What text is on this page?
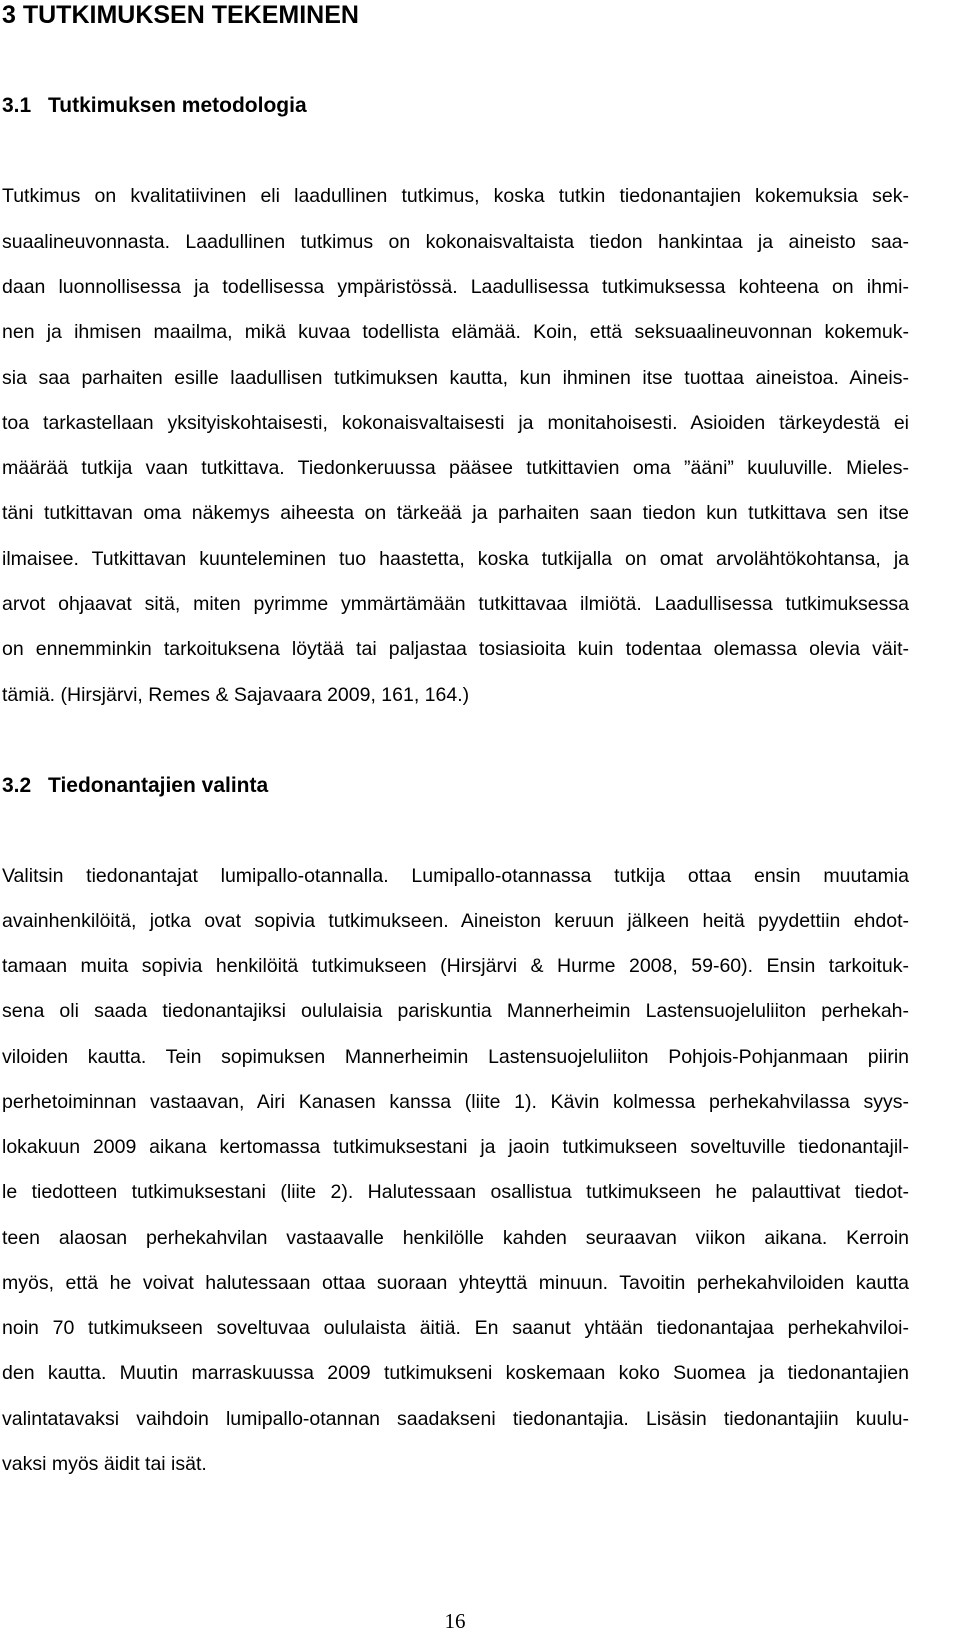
3 TUTKIMUKSEN TEKEMINEN
3.1 Tutkimuksen metodologia
Tutkimus on kvalitatiivinen eli laadullinen tutkimus, koska tutkin tiedonantajien kokemuksia sek-
suaalineuvonnasta. Laadullinen tutkimus on kokonaisvaltaista tiedon hankintaa ja aineisto saa-
daan luonnollisessa ja todellisessa ympäristössä. Laadullisessa tutkimuksessa kohteena on ihmi-
nen ja ihmisen maailma, mikä kuvaa todellista elämää. Koin, että seksuaalineuvonnan kokemuk-
sia saa parhaiten esille laadullisen tutkimuksen kautta, kun ihminen itse tuottaa aineistoa. Aineis-
toa tarkastellaan yksityiskohtaisesti, kokonaisvaltaisesti ja monitahoisesti. Asioiden tärkeydestä ei
määrää tutkija vaan tutkittava. Tiedonkeruussa pääsee tutkittavien oma ”ääni” kuuluville. Mieles-
täni tutkittavan oma näkemys aiheesta on tärkeää ja parhaiten saan tiedon kun tutkittava sen itse
ilmaisee. Tutkittavan kuunteleminen tuo haastetta, koska tutkijalla on omat arvolähtökohtansa, ja
arvot ohjaavat sitä, miten pyrimme ymmärtämään tutkittavaa ilmiötä. Laadullisessa tutkimuksessa
on ennemminkin tarkoituksena löytää tai paljastaa tosiasioita kuin todentaa olemassa olevia väit-
tämiä. (Hirsjärvi, Remes & Sajavaara 2009, 161, 164.)
3.2 Tiedonantajien valinta
Valitsin tiedonantajat lumipallo-otannalla. Lumipallo-otannassa tutkija ottaa ensin muutamia
avainhenkilöitä, jotka ovat sopivia tutkimukseen. Aineiston keruun jälkeen heitä pyydettiin ehdot-
tamaan muita sopivia henkilöitä tutkimukseen (Hirsjärvi & Hurme 2008, 59-60). Ensin tarkoituk-
sena oli saada tiedonantajiksi oululaisia pariskuntia Mannerheimin Lastensuojeluliiton perhekah-
viloiden kautta. Tein sopimuksen Mannerheimin Lastensuojeluliiton Pohjois-Pohjanmaan piirin
perhetoiminnan vastaavan, Airi Kanasen kanssa (liite 1). Kävin kolmessa perhekahvilassa syys-
lokakuun 2009 aikana kertomassa tutkimuksestani ja jaoin tutkimukseen soveltuville tiedonantajil-
le tiedotteen tutkimuksestani (liite 2). Halutessaan osallistua tutkimukseen he palauttivat tiedot-
teen alaosan perhekahvilan vastaavalle henkilölle kahden seuraavan viikon aikana. Kerroin
myös, että he voivat halutessaan ottaa suoraan yhteyttä minuun. Tavoitin perhekahviloiden kautta
noin 70 tutkimukseen soveltuvaa oululaista äitiä. En saanut yhtään tiedonantajaa perhekahviloi-
den kautta. Muutin marraskuussa 2009 tutkimukseni koskemaan koko Suomea ja tiedonantajien
valintatavaksi vaihdoin lumipallo-otannan saadakseni tiedonantajia. Lisäsin tiedonantajiin kuulu-
vaksi myös äidit tai isät.
16
